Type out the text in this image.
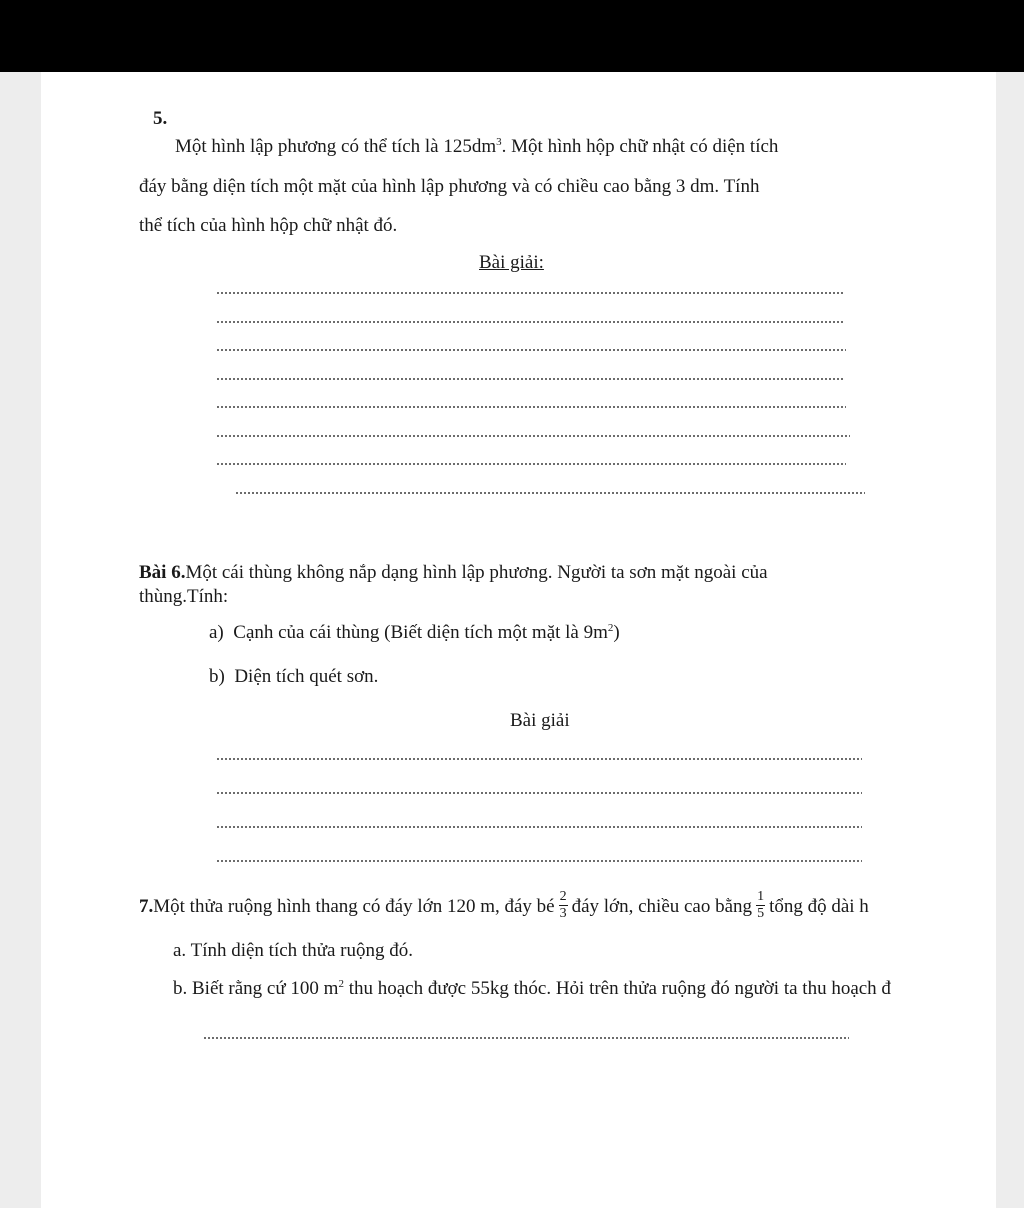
5.
Một hình lập phương có thể tích là $125dm^3$. Một hình hộp chữ nhật có diện tích
đáy bằng diện tích một mặt của hình lập phương và có chiều cao bằng 3 dm. Tính
thể tích của hình hộp chữ nhật đó.
Bài giải:
Bài 6.Một cái thùng không nắp dạng hình lập phương. Người ta sơn mặt ngoài của
thùng.Tính:
a) Cạnh của cái thùng (Biết diện tích một mặt là $9m^2$)
b) Diện tích quét sơn.
Bài giải
7.Một thửa ruộng hình thang có đáy lớn 120 m, đáy bé $\frac{2}{3}$ đáy lớn, chiều cao bằng $\frac{1}{5}$ tổng độ dài h
a. Tính diện tích thửa ruộng đó.
b. Biết rằng cứ 100 $m^2$ thu hoạch được 55kg thóc. Hỏi trên thửa ruộng đó người ta thu hoạch đ
